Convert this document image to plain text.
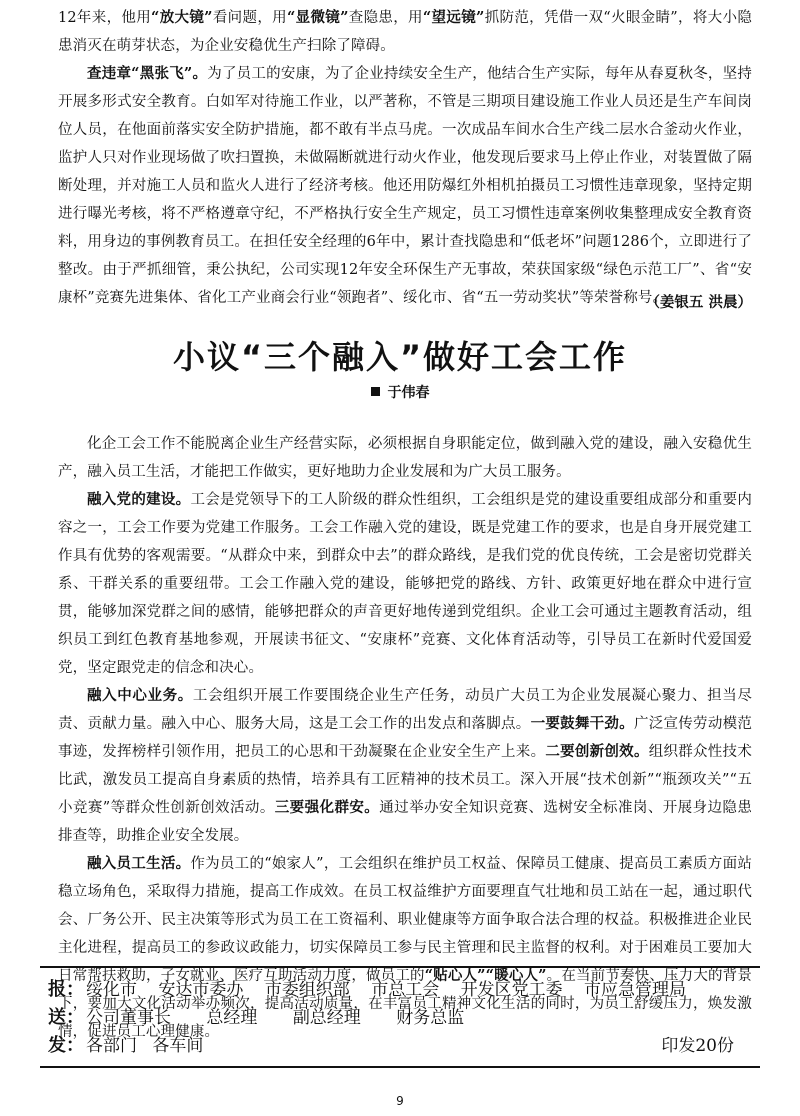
12年来，他用“放大镜”看问题，用“显微镜”查隐患，用“望远镜”抓防范，凭借一双“火眼金睛”，将大小隐患消灭在萌芽状态，为企业安稳优生产扫除了障碍。

查违章“黑张飞”。为了员工的安康，为了企业持续安全生产，他结合生产实际，每年从春夏秋冬，坚持开展多形式安全教育。白如军对待施工作业，以严著称，不管是三期项目建设施工作业人员还是生产车间岗位人员，在他面前落实安全防护措施，都不敢有半点马虎。一次成品车间水合生产线二层水合釜动火作业，监护人只对作业现场做了吹扫置换，未做隔断就进行动火作业，他发现后要求马上停止作业，对装置做了隔断处理，并对施工人员和监火人进行了经济考核。他还用防爆红外相机拍摄员工习惯性违章现象，坚持定期进行曝光考核，将不严格遵章守纪，不严格执行安全生产规定，员工习惯性违章案例收集整理成安全教育资料，用身边的事例教育员工。在担任安全经理的6年中，累计查找隐患和“低老坏”问题1286个，立即进行了整改。由于严抓细管，秉公执纪，公司实现12年安全环保生产无事故，荣获国家级“绿色示范工厂”、省“安康杯”竞赛先进集体、省化工产业商会行业“领跑者”、绥化市、省“五一劳动奖状”等荣誉称号。

（姜银五 洪晨）
小议“三个融入”做好工会工作
于伟春

化企工会工作不能脱离企业生产经营实际，必须根据自身职能定位，做到融入党的建设，融入安稳优生产，融入员工生活，才能把工作做实，更好地助力企业发展和为广大员工服务。

融入党的建设。工会是党领导下的工人阶级的群众性组织，工会组织是党的建设重要组成部分和重要内容之一，工会工作要为党建工作服务。工会工作融入党的建设，既是党建工作的要求，也是自身开展党建工作具有优势的客观需要。“从群众中来，到群众中去”的群众路线，是我们党的优良传统，工会是密切党群关系、干群关系的重要纽带。工会工作融入党的建设，能够把党的路线、方针、政策更好地在群众中进行宣贯，能够加深党群之间的感情，能够把群众的声音更好地传递到党组织。企业工会可通过主题教育活动，组织员工到红色教育基地参观，开展读书征文、“安康杯”竞赛、文化体育活动等，引导员工在新时代爱国爱党，坚定跟党走的信念和决心。

融入中心业务。工会组织开展工作要围绕企业生产任务，动员广大员工为企业发展凝心聚力、担当尽责、贡献力量。融入中心、服务大局，这是工会工作的出发点和落脚点。一要鼓舞干劲。广泛宣传劳动模范事迹，发挥榜样引领作用，把员工的心思和干劲凝聚在企业安全生产上来。二要创新创效。组织群众性技术比武，激发员工提高自身素质的热情，培养具有工匠精神的技术员工。深入开展“技术创新”“瓶颈攻关”“五小竞赛”等群众性创新创效活动。三要强化群安。通过举办安全知识竞赛、选树安全标准岗、开展身边隐患排查等，助推企业安全发展。

融入员工生活。作为员工的“娘家人”，工会组织在维护员工权益、保障员工健康、提高员工素质方面站稳立场角色，采取得力措施，提高工作成效。在员工权益维护方面要理直气壮地和员工站在一起，通过职代会、厂务公开、民主决策等形式为员工在工资福利、职业健康等方面争取合法合理的权益。积极推进企业民主化进程，提高员工的参政议政能力，切实保障员工参与民主管理和民主监督的权利。对于困难员工要加大日常帮扶救助，子女就业、医疗互助活动力度，做员工的“贴心人”“暖心人”。在当前节奏快、压力大的背景下，要加大文化活动举办频次，提高活动质量，在丰富员工精神文化生活的同时，为员工舒缓压力，焕发激情，促进员工心理健康。

报： 绥化市 安达市委办 市委组织部 市总工会 开发区党工委 市应急管理局
送： 公司董事长 总经理 副总经理 财务总监
发： 各部门 各车间	印发20份
9
